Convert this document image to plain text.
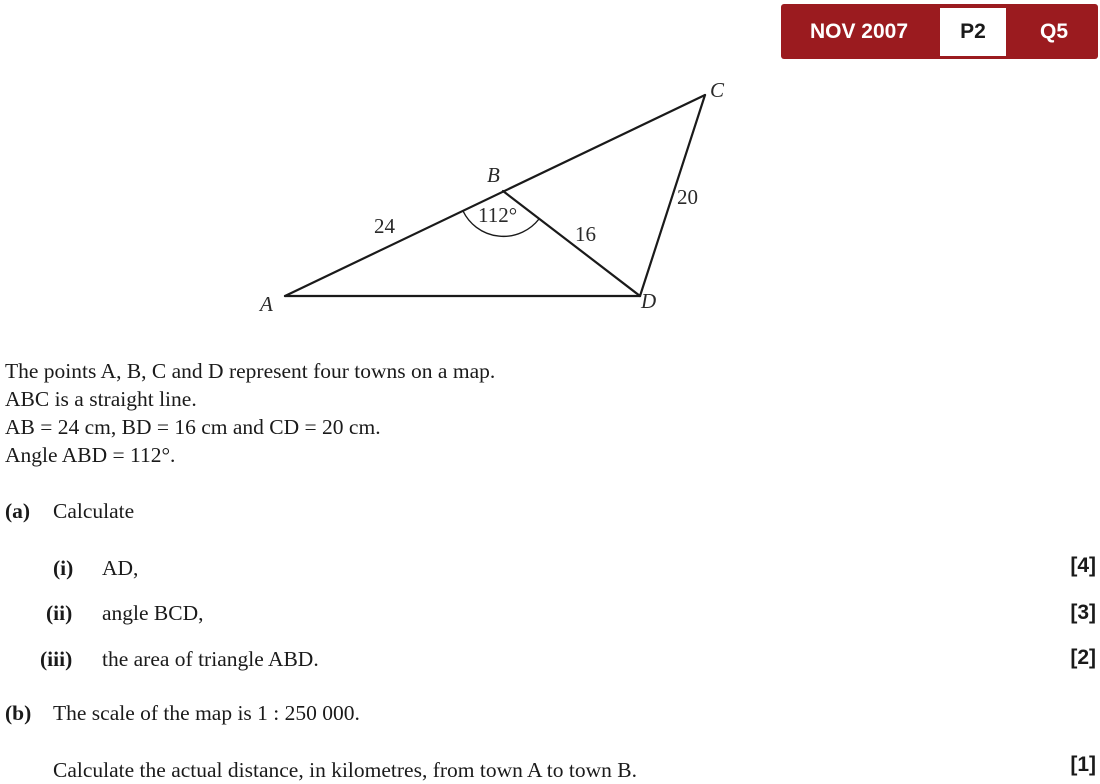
NOV 2007	P2	Q5
A
B
C
D
24	16
20
112°
The points A, B, C and D represent four towns on a map.
ABC is a straight line.
AB = 24 cm, BD = 16 cm and CD = 20 cm.
Angle ABD = 112°.
(a) Calculate
(i) AD,	[4]
(ii) angle BCD,	[3]
(iii) the area of triangle ABD.	[2]
(b) The scale of the map is 1 : 250 000.
Calculate the actual distance, in kilometres, from town A to town B.	[1]
